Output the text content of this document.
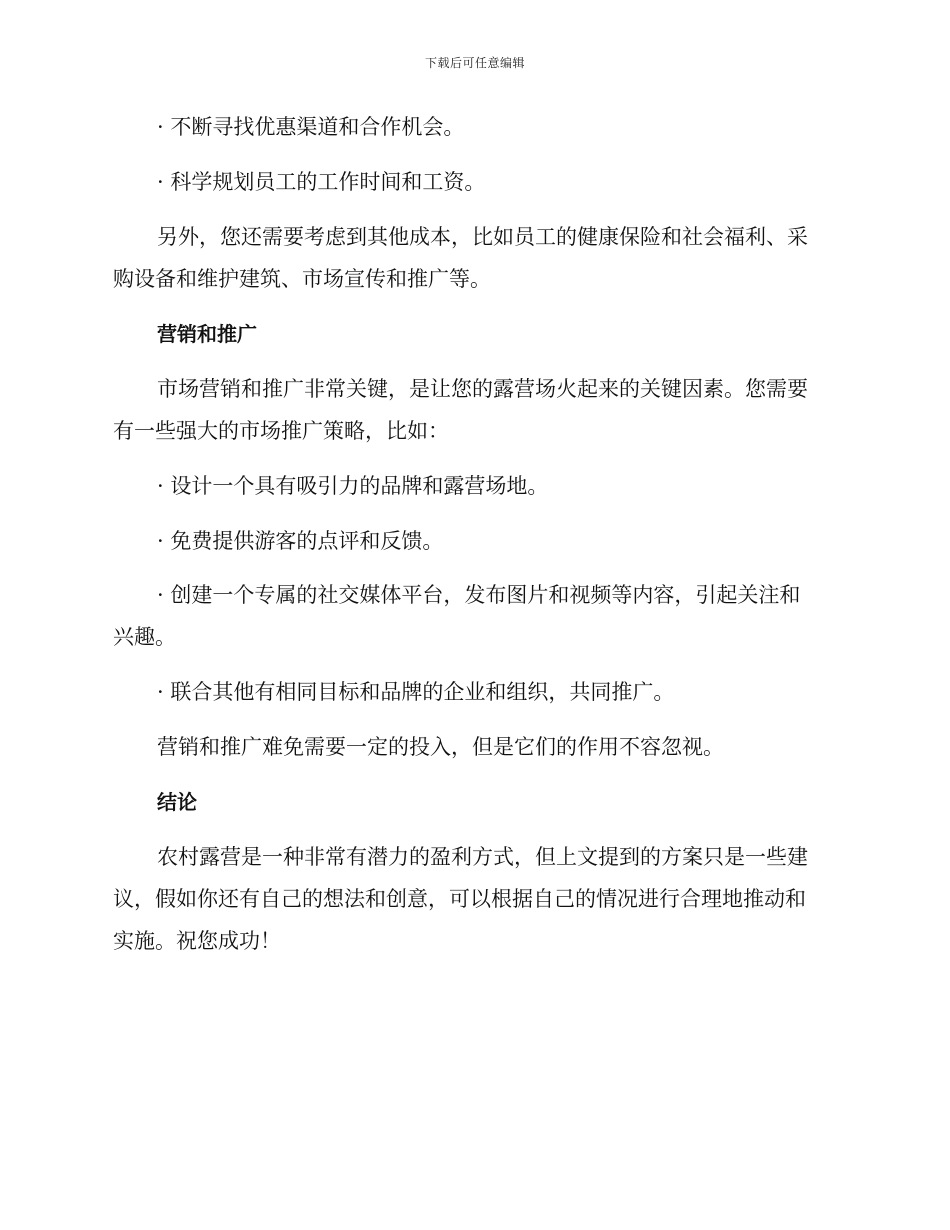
下载后可任意编辑
· 不断寻找优惠渠道和合作机会。
· 科学规划员工的工作时间和工资。
另外，您还需要考虑到其他成本，比如员工的健康保险和社会福利、采
购设备和维护建筑、市场宣传和推广等。
营销和推广
市场营销和推广非常关键，是让您的露营场火起来的关键因素。您需要
有一些强大的市场推广策略，比如：
· 设计一个具有吸引力的品牌和露营场地。
· 免费提供游客的点评和反馈。
· 创建一个专属的社交媒体平台，发布图片和视频等内容，引起关注和
兴趣。
· 联合其他有相同目标和品牌的企业和组织，共同推广。
营销和推广难免需要一定的投入，但是它们的作用不容忽视。
结论
农村露营是一种非常有潜力的盈利方式，但上文提到的方案只是一些建
议，假如你还有自己的想法和创意，可以根据自己的情况进行合理地推动和
实施。祝您成功！
